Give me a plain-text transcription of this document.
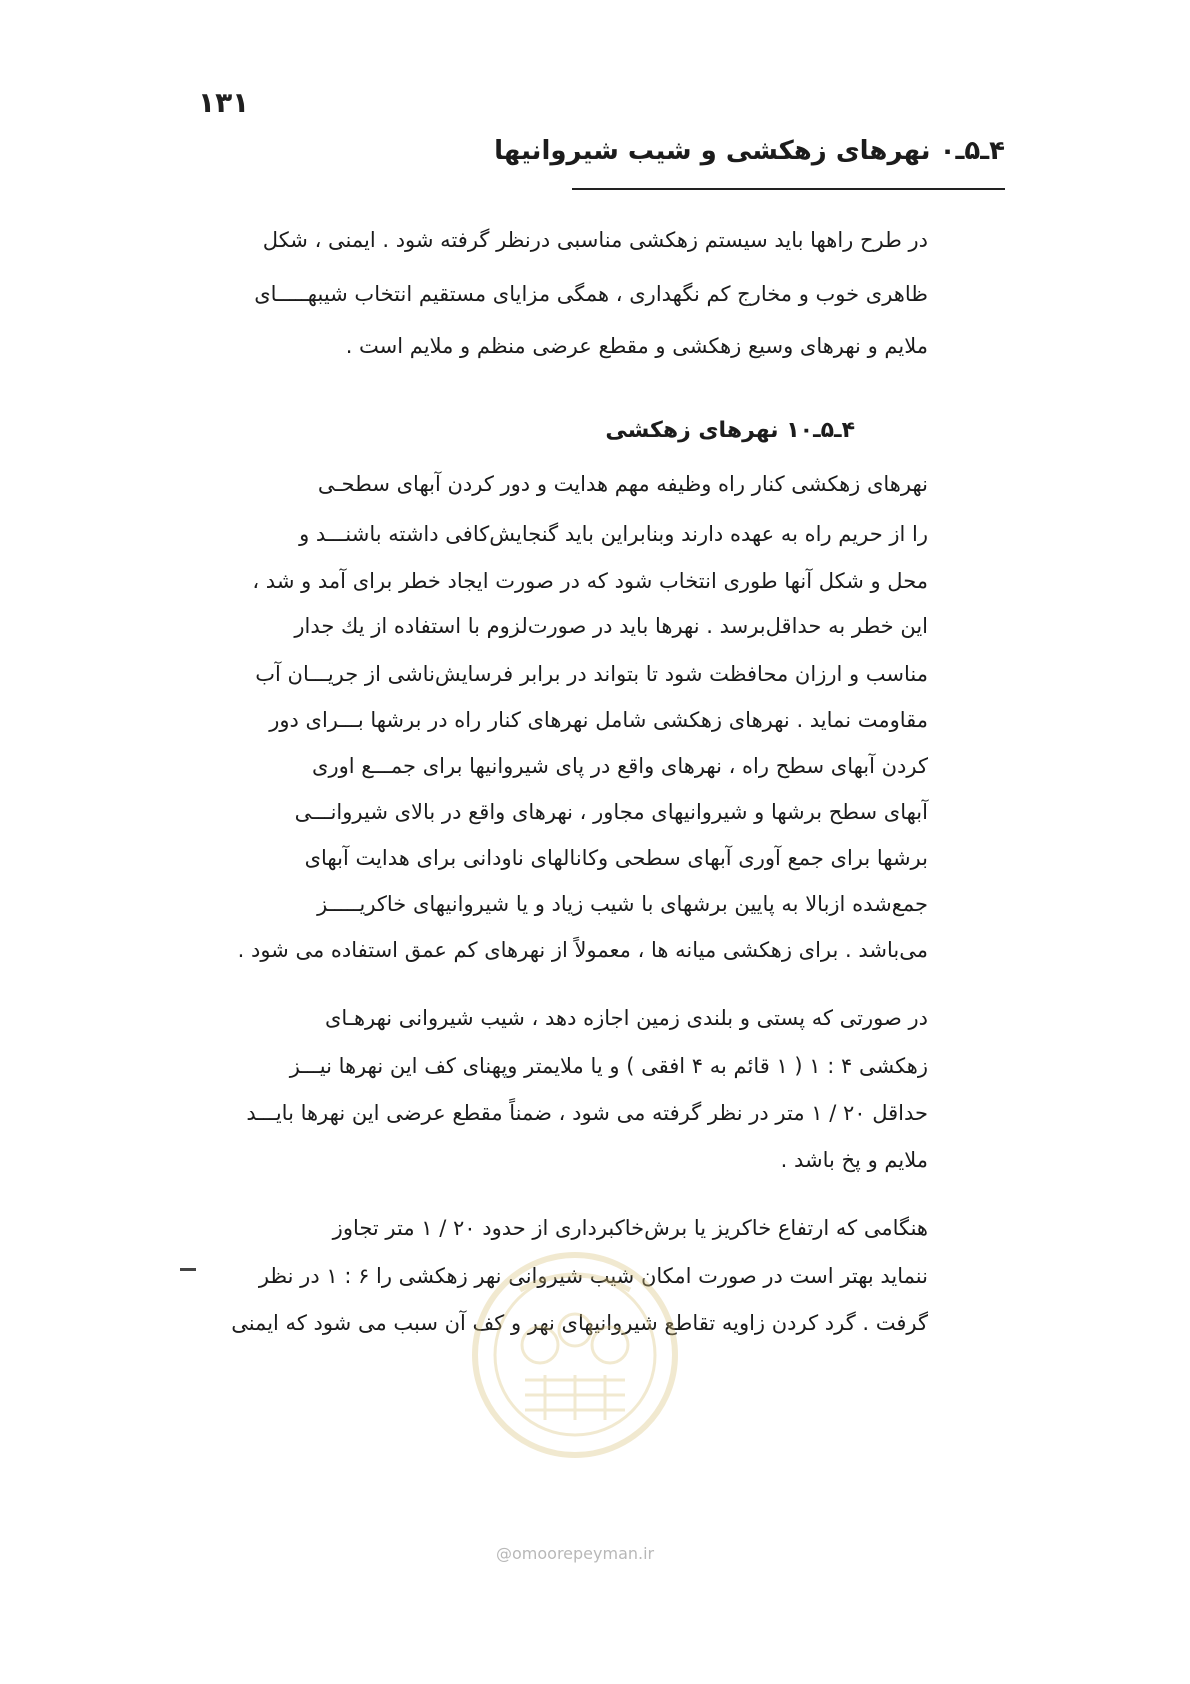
۱۳۱
۴ـ۵ـ۰ نهرهای زهکشی و شیب شیروانیها
در طرح راهها باید سیستم زهکشی مناسبی درنظر گرفته شود . ایمنی ، شکل
ظاهری خوب و مخارج کم نگهداری ، همگی مزایای مستقیم انتخاب شیبهـــــای
ملایم و نهرهای وسیع زهکشی و مقطع عرضی منظم و ملایم است .
۴ـ۵ـ۱۰ نهرهای زهکشی
نهرهای زهکشی کنار راه وظیفه مهم هدایت و دور کردن آبهای سطحـی
را از حریم راه به عهده دارند وبنابراین باید گنجایش‌کافی داشته باشنـــد و
محل و شکل آنها طوری انتخاب شود که در صورت ایجاد خطر برای آمد و شد ،
این خطر به حداقل‌برسد . نهرها باید در صورت‌لزوم با استفاده از یك جدار
مناسب و ارزان محافظت شود تا بتواند در برابر فرسایش‌ناشی از جریـــان آب
مقاومت نماید . نهرهای زهکشی شامل نهرهای کنار راه در برشها بـــرای دور
کردن آبهای سطح راه ، نهرهای واقع در پای شیروانیها برای جمـــع اوری
آبهای سطح برشها و شیروانیهای مجاور ، نهرهای واقع در بالای شیروانـــی
برشها برای جمع آوری آبهای سطحی وکانالهای ناودانی برای هدایت آبهای
جمع‌شده ازبالا به پایین برشهای با شیب زیاد و یا شیروانیهای خاکریـــــز
می‌باشد . برای زهکشی میانه ها ، معمولاً از نهرهای کم عمق استفاده می شود .
در صورتی که پستی و بلندی زمین اجازه دهد ، شیب شیروانی نهرهـای
زهکشی ۴ : ۱ ( ۱ قائم به ۴ افقی ) و یا ملایمتر وپهنای کف این نهرها نیـــز
حداقل ۲۰ / ۱ متر در نظر گرفته می شود ، ضمناً مقطع عرضی این نهرها بایـــد
ملایم و پخ باشد .
هنگامی که ارتفاع خاکریز یا برش‌خاکبرداری از حدود ۲۰ / ۱ متر تجاوز
ننماید بهتر است در صورت امکان شیب شیروانی نهر زهکشی را ۶ : ۱ در نظر
گرفت . گرد کردن زاویه تقاطع شیروانیهای نهر و کف آن سبب می شود که ایمنی
@omoorepeyman.ir
